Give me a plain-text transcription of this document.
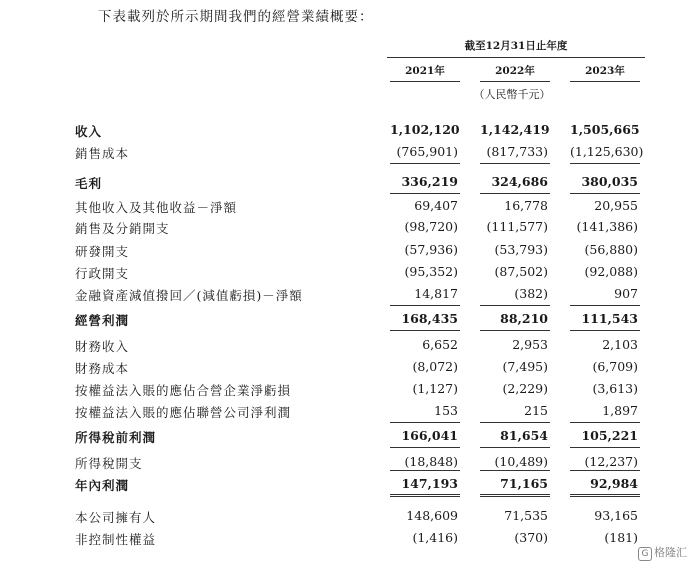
下表載列於所示期間我們的經營業績概要：
截至12月31日止年度
2021年	2022年	2023年
（人民幣千元）
收入	1,102,120 1,142,419 1,505,665
銷售成本	(765,901)	(817,733) (1,125,630)
毛利	336,219	324,686	380,035
其他收入及其他收益－淨額	69,407	16,778	20,955
銷售及分銷開支	(98,720)	(111,577)	(141,386)
研發開支	(57,936)	(53,793)	(56,880)
行政開支	(95,352)	(87,502)	(92,088)
金融資產減值撥回／(減值虧損)－淨額	14,817	(382)	907
經營利潤	168,435	88,210	111,543
財務收入	6,652	2,953	2,103
財務成本	(8,072)	(7,495)	(6,709)
按權益法入賬的應佔合營企業淨虧損	(1,127)	(2,229)	(3,613)
按權益法入賬的應佔聯營公司淨利潤	153	215	1,897
所得稅前利潤	166,041	81,654	105,221
所得稅開支	(18,848)	(10,489)	(12,237)
年內利潤	147,193	71,165	92,984
本公司擁有人	148,609	71,535	93,165
非控制性權益	(1,416)	(370)	(181)
G 格隆汇
